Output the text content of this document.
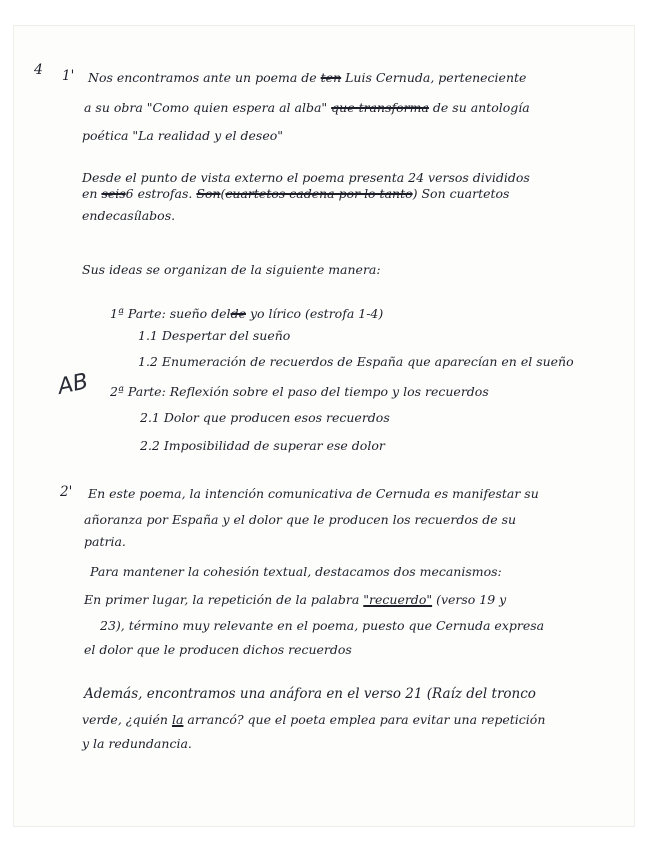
4 1' Nos encontramos ante un poema de ten Luis Cernuda, perteneciente
a su obra "Como quien espera al alba" que transforma de su antología
poética "La realidad y el deseo"
Desde el punto de vista externo el poema presenta 24 versos divididos
en seis6 estrofas. Son(cuartetos cadena por lo tanto) Son cuartetos
endecasílabos.
Sus ideas se organizan de la siguiente manera:
1ª Parte: sueño delde yo lírico (estrofa 1-4)
1.1 Despertar del sueño
1.2 Enumeración de recuerdos de España que aparecían en el sueño
AB 2ª Parte: Reflexión sobre el paso del tiempo y los recuerdos
2.1 Dolor que producen esos recuerdos
2.2 Imposibilidad de superar ese dolor
2' En este poema, la intención comunicativa de Cernuda es manifestar su
añoranza por España y el dolor que le producen los recuerdos de su
patria.
Para mantener la cohesión textual, destacamos dos mecanismos:
En primer lugar, la repetición de la palabra "recuerdo" (verso 19 y
23), término muy relevante en el poema, puesto que Cernuda expresa
el dolor que le producen dichos recuerdos
Además, encontramos una anáfora en el verso 21 (Raíz del tronco
verde, ¿quién la arrancó? que el poeta emplea para evitar una repetición
y la redundancia.
